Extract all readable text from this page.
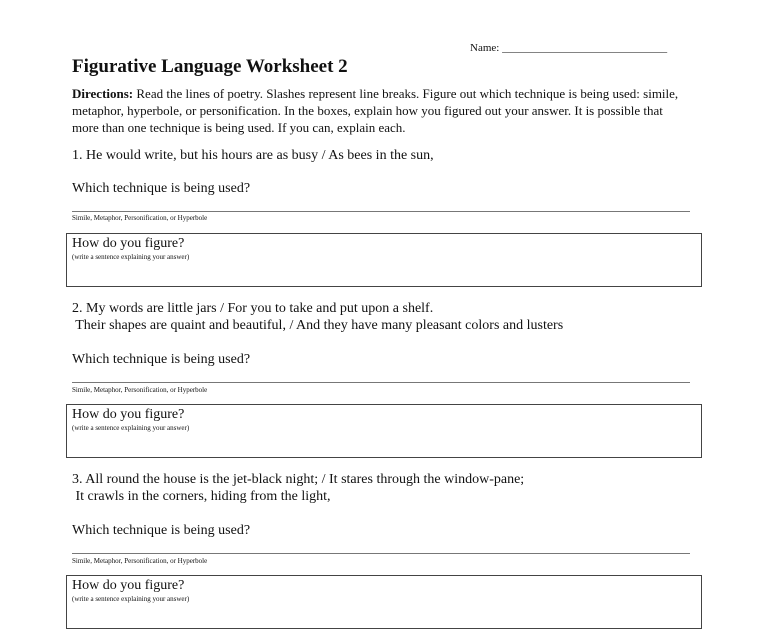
Name: ______________________________
Figurative Language Worksheet 2
Directions: Read the lines of poetry. Slashes represent line breaks. Figure out which technique is being used: simile, metaphor, hyperbole, or personification. In the boxes, explain how you figured out your answer. It is possible that more than one technique is being used. If you can, explain each.
1. He would write, but his hours are as busy / As bees in the sun,
Which technique is being used?
Simile, Metaphor, Personification, or Hyperbole
How do you figure?
(write a sentence explaining your answer)
2. My words are little jars / For you to take and put upon a shelf.
Their shapes are quaint and beautiful, / And they have many pleasant colors and lusters
Which technique is being used?
Simile, Metaphor, Personification, or Hyperbole
How do you figure?
(write a sentence explaining your answer)
3. All round the house is the jet-black night; / It stares through the window-pane;
It crawls in the corners, hiding from the light,
Which technique is being used?
Simile, Metaphor, Personification, or Hyperbole
How do you figure?
(write a sentence explaining your answer)
